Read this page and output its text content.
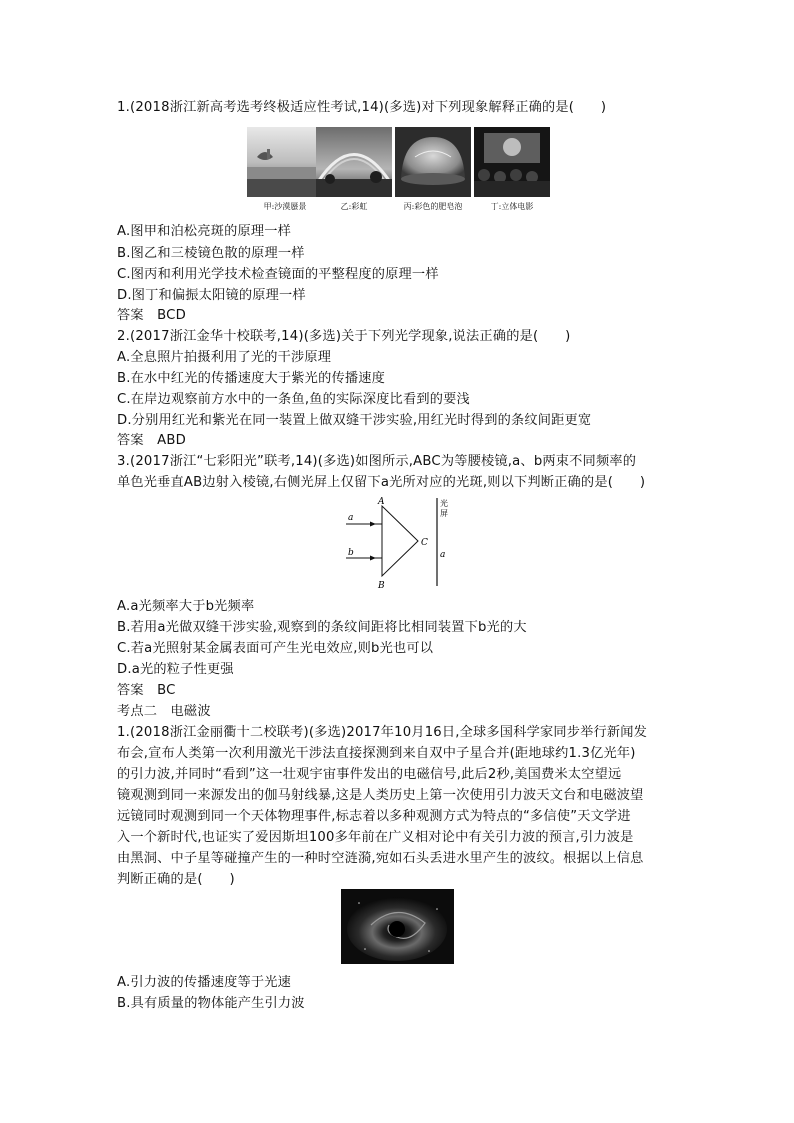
1.(2018浙江新高考选考终极适应性考试,14)(多选)对下列现象解释正确的是(　　)
甲:沙漠蜃景	乙:彩虹	丙:彩色的肥皂泡	丁:立体电影
A.图甲和泊松亮斑的原理一样
B.图乙和三棱镜色散的原理一样
C.图丙和利用光学技术检查镜面的平整程度的原理一样
D.图丁和偏振太阳镜的原理一样
答案　BCD
2.(2017浙江金华十校联考,14)(多选)关于下列光学现象,说法正确的是(　　)
A.全息照片拍摄利用了光的干涉原理
B.在水中红光的传播速度大于紫光的传播速度
C.在岸边观察前方水中的一条鱼,鱼的实际深度比看到的要浅
D.分别用红光和紫光在同一装置上做双缝干涉实验,用红光时得到的条纹间距更宽
答案　ABD
3.(2017浙江“七彩阳光”联考,14)(多选)如图所示,ABC为等腰棱镜,a、b两束不同频率的
单色光垂直AB边射入棱镜,右侧光屏上仅留下a光所对应的光斑,则以下判断正确的是(　　)
a
b
A
B
C
光
屏
a
A.a光频率大于b光频率
B.若用a光做双缝干涉实验,观察到的条纹间距将比相同装置下b光的大
C.若a光照射某金属表面可产生光电效应,则b光也可以
D.a光的粒子性更强
答案　BC
考点二　电磁波
1.(2018浙江金丽衢十二校联考)(多选)2017年10月16日,全球多国科学家同步举行新闻发
布会,宣布人类第一次利用激光干涉法直接探测到来自双中子星合并(距地球约1.3亿光年)
的引力波,并同时“看到”这一壮观宇宙事件发出的电磁信号,此后2秒,美国费米太空望远
镜观测到同一来源发出的伽马射线暴,这是人类历史上第一次使用引力波天文台和电磁波望
远镜同时观测到同一个天体物理事件,标志着以多种观测方式为特点的“多信使”天文学进
入一个新时代,也证实了爱因斯坦100多年前在广义相对论中有关引力波的预言,引力波是
由黑洞、中子星等碰撞产生的一种时空涟漪,宛如石头丢进水里产生的波纹。根据以上信息
判断正确的是(　　)
A.引力波的传播速度等于光速
B.具有质量的物体能产生引力波
